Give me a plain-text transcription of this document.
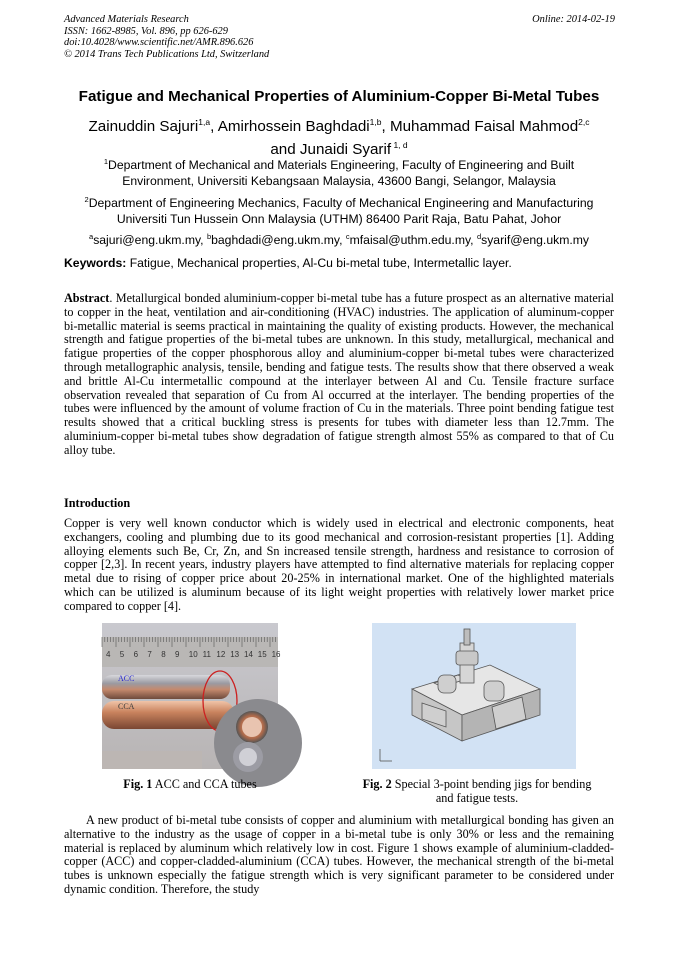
Advanced Materials Research
ISSN: 1662-8985, Vol. 896, pp 626-629
doi:10.4028/www.scientific.net/AMR.896.626
© 2014 Trans Tech Publications Ltd, Switzerland
Online: 2014-02-19
Fatigue and Mechanical Properties of Aluminium-Copper Bi-Metal Tubes
Zainuddin Sajuri$^{1,a}$, Amirhossein Baghdadi$^{1,b}$, Muhammad Faisal Mahmod$^{2,c}$
and Junaidi Syarif $^{1, d}$
$^1$Department of Mechanical and Materials Engineering, Faculty of Engineering and Built
Environment, Universiti Kebangsaan Malaysia, 43600 Bangi, Selangor, Malaysia
$^2$Department of Engineering Mechanics, Faculty of Mechanical Engineering and Manufacturing
Universiti Tun Hussein Onn Malaysia (UTHM) 86400 Parit Raja, Batu Pahat, Johor
$^a$sajuri@eng.ukm.my, $^b$baghdadi@eng.ukm.my, $^c$mfaisal@uthm.edu.my, $^d$syarif@eng.ukm.my
Keywords: Fatigue, Mechanical properties, Al-Cu bi-metal tube, Intermetallic layer.
Abstract. Metallurgical bonded aluminium-copper bi-metal tube has a future prospect as an alternative material to copper in the heat, ventilation and air-conditioning (HVAC) industries. The application of aluminum-copper bi-metallic material is seems practical in maintaining the quality of existing products. However, the mechanical strength and fatigue properties of the bi-metal tubes are unknown. In this study, metallurgical, mechanical and fatigue properties of the copper phosphorous alloy and aluminium-copper bi-metal tubes were characterized through metallographic analysis, tensile, bending and fatigue tests. The results show that there observed a weak and brittle Al-Cu intermetallic compound at the interlayer between Al and Cu. Tensile fracture surface observation revealed that separation of Cu from Al occurred at the interlayer. The bending properties of the tubes were influenced by the amount of volume fraction of Cu in the materials. Three point bending fatigue test results showed that a critical buckling stress is presents for tubes with diameter less than 12.7mm. The aluminium-copper bi-metal tubes show degradation of fatigue strength almost 55% as compared to that of Cu alloy tube.
Introduction
Copper is very well known conductor which is widely used in electrical and electronic components, heat exchangers, cooling and plumbing due to its good mechanical and corrosion-resistant properties [1]. Adding alloying elements such Be, Cr, Zn, and Sn increased tensile strength, hardness and resistance to corrosion of copper [2,3]. In recent years, industry players have attempted to find alternative materials for replacing copper metal due to rising of copper price about 20-25% in international market. One of the highlighted materials which can be utilized is aluminum because of its light weight properties with relatively lower market price compared to copper [4].
4 5 6 7 8 9 10 11 12 13 14 15 16
ACC
CCA
Fig. 1 ACC and CCA tubes	Fig. 2 Special 3-point bending jigs for bending
and fatigue tests.
A new product of bi-metal tube consists of copper and aluminium with metallurgical bonding has given an alternative to the industry as the usage of copper in a bi-metal tube is only 30% or less and the remaining material is replaced by aluminum which relatively low in cost. Figure 1 shows example of aluminium-cladded-copper (ACC) and copper-cladded-aluminium (CCA) tubes. However, the mechanical strength of the bi-metal tubes is unknown especially the fatigue strength which is very significant parameter to be considered under dynamic condition. Therefore, the study
